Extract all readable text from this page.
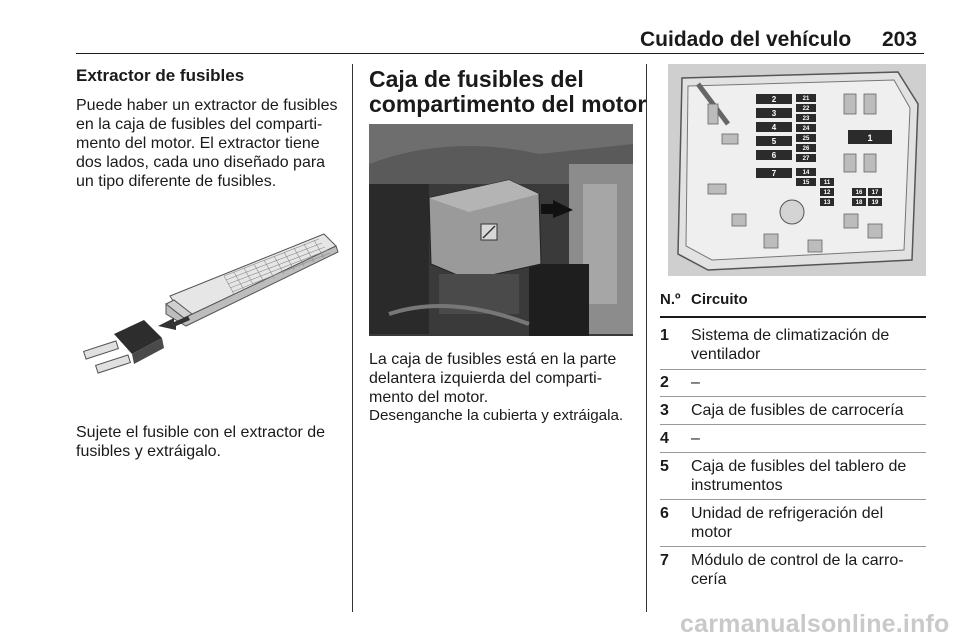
Cuidado del vehículo 203
Extractor de fusibles
Puede haber un extractor de fusibles
en la caja de fusibles del comparti-
mento del motor. El extractor tiene
dos lados, cada uno diseñado para
un tipo diferente de fusibles.
Sujete el fusible con el extractor de
fusibles y extráigalo.
Caja de fusibles del
compartimento del motor
La caja de fusibles está en la parte
delantera izquierda del comparti-
mento del motor.
Desenganche la cubierta y extráigala.
2
3
4
5
6
7
21
22
23
24
25
26
27
14
15 11
12
13
16 17
18 19
1
N.º Circuito
1 Sistema de climatización de
ventilador
2 –
3 Caja de fusibles de carrocería
4 –
5 Caja de fusibles del tablero de
instrumentos
6 Unidad de refrigeración del
motor
7 Módulo de control de la carro-
cería
carmanualsonline.info
